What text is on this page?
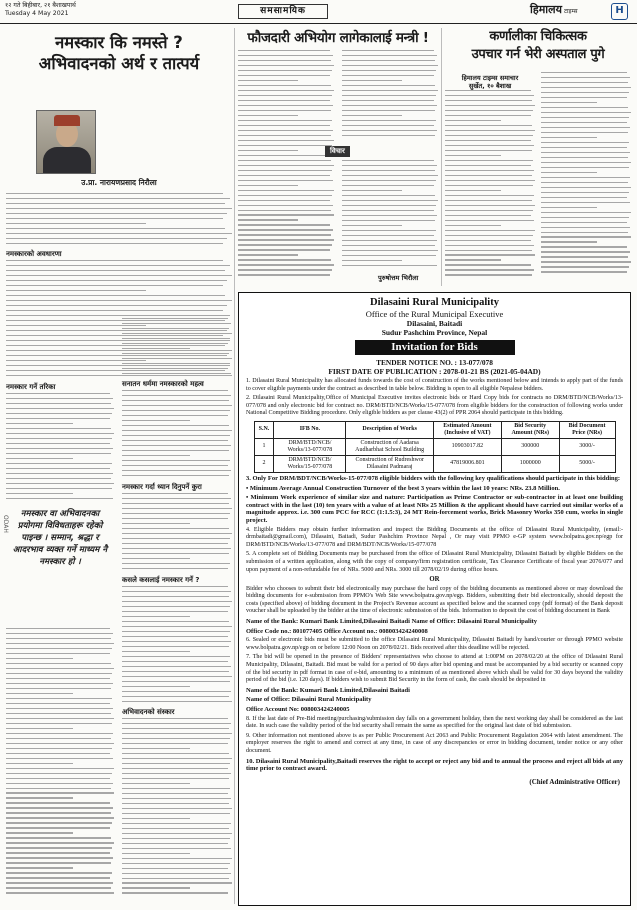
१२ गते बिहीबार, २१ बैशाखपार्थ
Tuesday 4 May 2021	समसामयिक	हिमालय टाइम्स	H
नमस्कार कि नमस्ते ?
अभिवादनको अर्थ र तात्पर्य
उ.प्रा. नारायणप्रसाद निरौला
नमस्कारको अवधारणा
नमस्कार गर्ने तरिका
नमस्कार वा अभिवादनका प्रयोगमा विविधताहरू रहेको पाइन्छ । सम्मान, श्रद्धा र आदरभाव व्यक्त गर्ने माध्यम नै नमस्कार हो ।
सनातन धर्ममा नमस्कारको महत्व
नमस्कार गर्दा ध्यान दिनुपर्ने कुरा
कसले कसलाई नमस्कार गर्ने ?
अभिवादनको संस्कार
फौजदारी अभियोग लागेकालाई मन्त्री !
विचार
पुरुषोत्तम भिरौला
कर्णालीका चिकित्सक
उपचार गर्न भेरी अस्पताल पुगे
हिमालय टाइम्स समाचार
सुर्खेत, १० बैशाख
Dilasaini Rural Municipality
Office of the Rural Municipal Executive
Dilasaini, Baitadi
Sudur Pashchim Province, Nepal
Invitation for Bids
TENDER NOTICE NO. : 13-077/078
FIRST DATE OF PUBLICATION : 2078-01-21 BS (2021-05-04AD)

1. Dilasaini Rural Municipality has allocated funds towards the cost of construction of the works mentioned below and intends to apply part of the funds to cover eligible payments under the contract as described in table below. Bidding is open to all eligible Nepalese bidders.

2. Dilasaini Rural Municipality,Office of Municipal Executive invites electronic bids or Hard Copy bids for contracts no DRM/BTD/NCB/Works/13-077/078 and only electronic bid for contract no. DRM/BTD/NCB/Works/15-077/078 from eligible bidders for the construction of following works under National Competitive Bidding procedure. Only eligible bidders as per clause 43(2) of PPR 2064 should participate in this bidding.

S.N.	IFB No.	Description of Works	Estimated Amount (Inclusive of VAT)	Bid Security Amount (NRs)	Bid Document Price (NRs)
1	DRM/BTD/NCB/ Works/13-077/078	Construction of Aadarsa Audharbhat School Building	10903017.82	300000	3000/-
2	DRM/BTD/NCB/ Works/15-077/078	Construction of Rudreshwor Dilasaini Padmaraj	47819006.801	1000000	5000/-

3. Only For DRM/BDT/NCB/Works-15-077/078 eligible bidders with the following key qualifications should participate in this bidding:

• Minimum Average Annual Construction Turnover of the best 3 years within the last 10 years: NRs. 23.8 Million.

• Minimum Work experience of similar size and nature: Participation as Prime Contractor or sub-contractor in at least one building contract with in the last (10) ten years with a value of at least NRs 25 Million & the applicant should have carried out similar works of a magnitude approx. i.e. 300 cum PCC for RCC (1:1.5:3), 24 MT Rein-forcement works, Brick Masonry Works 350 cum, works in single project.

4. Eligible Bidders may obtain further information and inspect the Bidding Documents at the office of Dilasaini Rural Municipality, (email:-drmbaitadi@gmail.com), Dilasaini, Baitadi, Sudur Pashchim Province Nepal , Or may visit PPMO e-GP system www.bolpatra.gov.np/egp for DRM/BTD/NCB/Works/13-077/078 and DRM/BDT/NCB/Works/15-077/078

5. A complete set of Bidding Documents may be purchased from the office of Dilasaini Rural Municipality, Dilasaini Baitadi by eligible Bidders on the submission of a written application, along with the copy of company/firm registration certificate, Tax Clearance Certificate of fiscal year 2076/077 and upon payment of a non-refundable fee of NRs. 5000 and NRs. 3000 till 2078/02/19 during office hours.

OR

Bidder who chooses to submit their bid electronically may purchase the hard copy of the bidding documents as mentioned above or may download the bidding documents for e-submission from PPMO's Web Site www.bolpatra.gov.np/egp. Bidders, submitting their bid electronically, should deposit the costs (specified above) of bidding document in the Project's Revenue account as specified below and the scanned copy (pdf format) of the Bank deposit voucher shall be uploaded by the bidder at the time of electronic submission of the bids. Information to deposit the cost of bidding document in Bank

Name of the Bank: Kumari Bank Limited,Dilasaini Baitadi Name of Office: Dilasaini Rural Municipality

Office Code no.: 801077405 Office Account no.: 008003424240008

6. Sealed or electronic bids must be submitted to the office Dilasaini Rural Municipality, Dilasaini Baitadi by hand/courier or through PPMO website www.bolpatra.gov.np/egp on or before 12:00 Noon on 2078/02/21. Bids received after this deadline will be rejected.

7. The bid will be opened in the presence of Bidders' representatives who choose to attend at 1:00PM on 2078/02/20 at the office of Dilasaini Rural Municipality, Dilasaini, Baitadi. Bid must be valid for a period of 90 days after bid opening and must be accompanied by a bid security or scanned copy of the bid security in pdf format in case of e-bid, amounting to a minimum of as mentioned above which shall be valid for 30 days beyond the validity period of the bid (i.e. 120 days). If bidders wish to submit Bid Security in the form of cash, the cash should be deposited in

Name of the Bank: Kumari Bank Limited,Dilasaini Baitadi

Name of Office: Dilasaini Rural Municipality

Office Account No: 008003424240005

8. If the last date of Pre-Bid meeting/purchasing/submission day falls on a government holiday, then the next working day shall be considered as the last date. In such case the validity period of the bid security shall remain the same as specified for the original last date of bid submission.

9. Other information not mentioned above is as per Public Procurement Act 2063 and Public Procurement Regulation 2064 with latest amendment. The employer reserves the right to amend and correct at any time, in case of any discrepancies or error in bidding document, tender notice or any other document.

10. Dilasaini Rural Municipality,Baitadi reserves the right to accept or reject any bid and to annual the process and reject all bids at any time prior to contract award.

(Chief Administrative Officer)

ODAH
